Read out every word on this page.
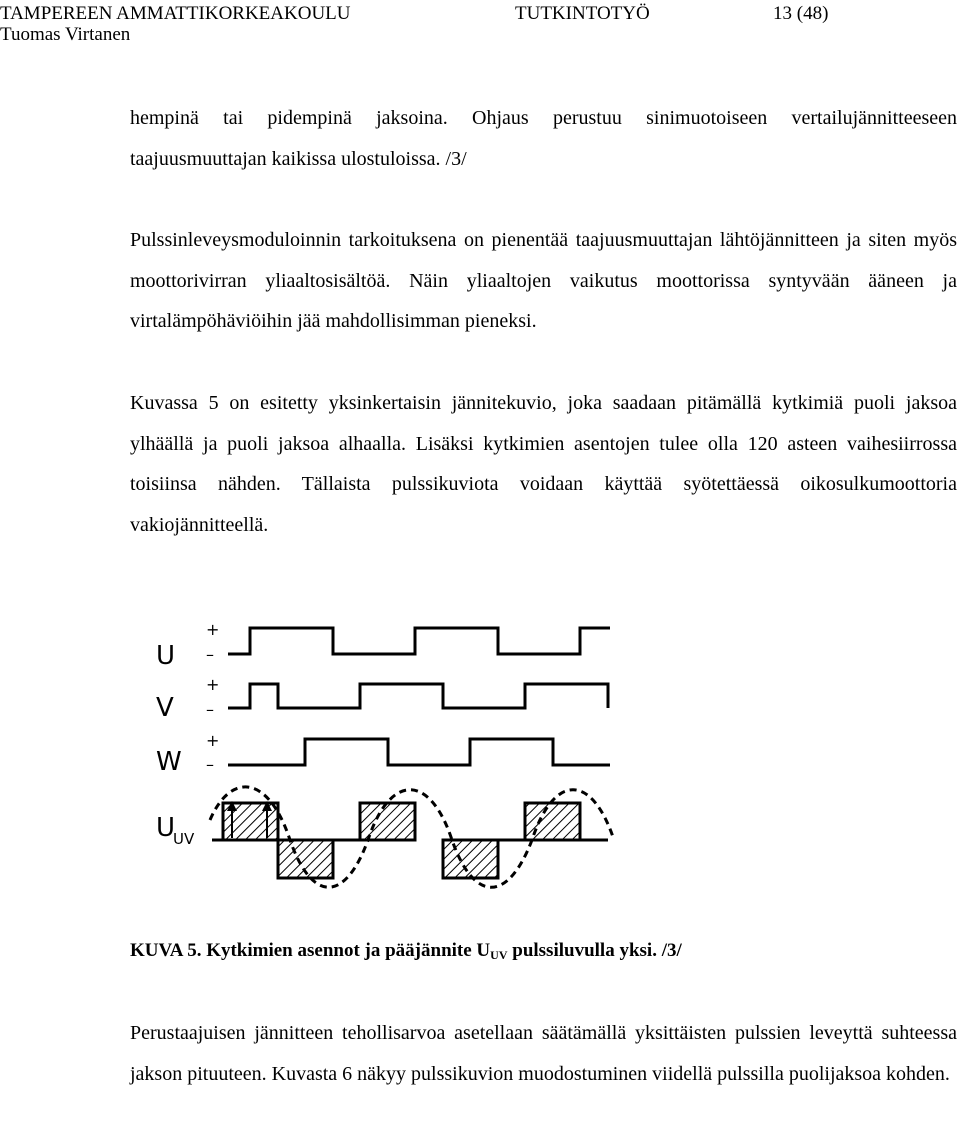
TAMPEREEN AMMATTIKORKEAKOULU	TUTKINTOTYÖ	13 (48)
Tuomas Virtanen

hempinä tai pidempinä jaksoina. Ohjaus perustuu sinimuotoiseen vertailujännitteeseen taajuusmuuttajan kaikissa ulostuloissa. /3/

Pulssinleveysmoduloinnin tarkoituksena on pienentää taajuusmuuttajan lähtöjännitteen ja siten myös moottorivirran yliaaltosisältöä. Näin yliaaltojen vaikutus moottorissa syntyvään ääneen ja virtalämpöhäviöihin jää mahdollisimman pieneksi.

Kuvassa 5 on esitetty yksinkertaisin jännitekuvio, joka saadaan pitämällä kytkimiä puoli jaksoa ylhäällä ja puoli jaksoa alhaalla. Lisäksi kytkimien asentojen tulee olla 120 asteen vaihesiirrossa toisiinsa nähden. Tällaista pulssikuviota voidaan käyttää syötettäessä oikosulkumoottoria vakiojännitteellä.

U
V
W
U
UV
+
–
+
–
+
–
KUVA 5. Kytkimien asennot ja pääjännite $U_{UV}$ pulssiluvulla yksi. /3/

Perustaajuisen jännitteen tehollisarvoa asetellaan säätämällä yksittäisten pulssien leveyttä suhteessa jakson pituuteen. Kuvasta 6 näkyy pulssikuvion muodostuminen viidellä pulssilla puolijaksoa kohden.
